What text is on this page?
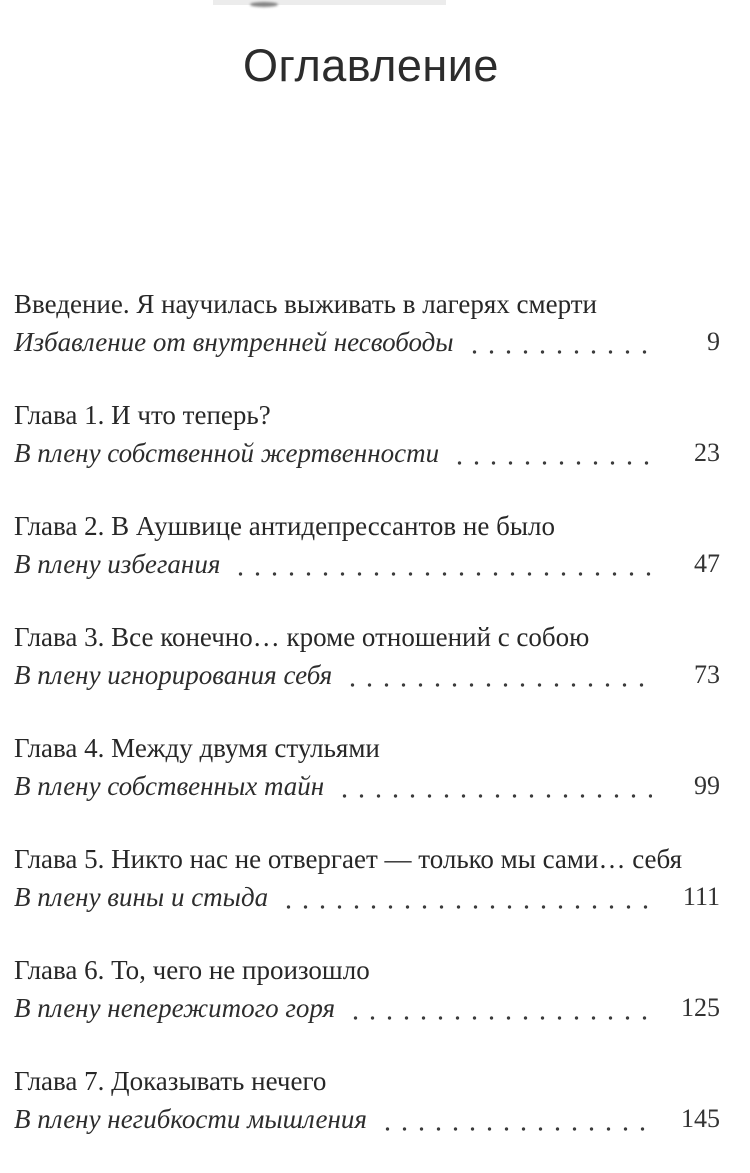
Оглавление
Введение. Я научилась выживать в лагерях смерти
Избавление от внутренней несвободы	9
Глава 1. И что теперь?
В плену собственной жертвенности	23
Глава 2. В Аушвице антидепрессантов не было
В плену избегания	47
Глава 3. Все конечно… кроме отношений с собою
В плену игнорирования себя	73
Глава 4. Между двумя стульями
В плену собственных тайн	99
Глава 5. Никто нас не отвергает — только мы сами… себя
В плену вины и стыда	111
Глава 6. То, чего не произошло
В плену непережитого горя	125
Глава 7. Доказывать нечего
В плену негибкости мышления	145
